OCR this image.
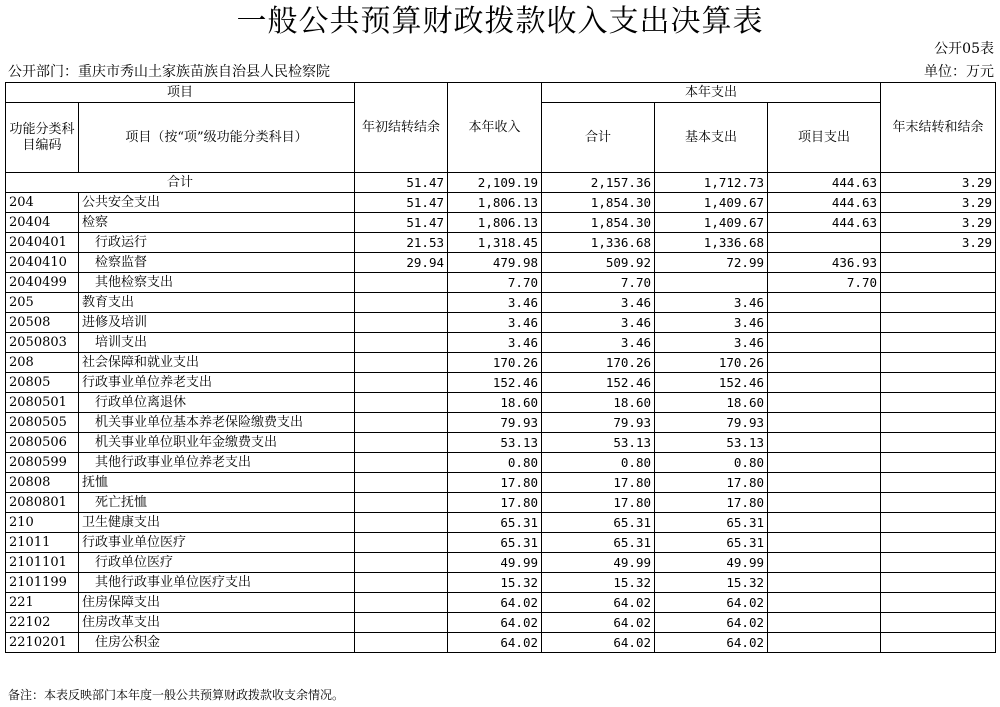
一般公共预算财政拨款收入支出决算表
公开05表
公开部门：重庆市秀山土家族苗族自治县人民检察院	单位：万元
项目		年初结转结余	本年收入	本年支出			年末结转和结余
功能分类科目编码	项目（按“项”级功能分类科目）			合计	基本支出	项目支出	
合计		51.47	2,109.19	2,157.36	1,712.73	444.63	3.29
204	公共安全支出	51.47	1,806.13	1,854.30	1,409.67	444.63	3.29
20404	检察	51.47	1,806.13	1,854.30	1,409.67	444.63	3.29
2040401	行政运行	21.53	1,318.45	1,336.68	1,336.68		3.29
2040410	检察监督	29.94	479.98	509.92	72.99	436.93	
2040499	其他检察支出		7.70	7.70		7.70	
205	教育支出		3.46	3.46	3.46		
20508	进修及培训		3.46	3.46	3.46		
2050803	培训支出		3.46	3.46	3.46		
208	社会保障和就业支出		170.26	170.26	170.26		
20805	行政事业单位养老支出		152.46	152.46	152.46		
2080501	行政单位离退休		18.60	18.60	18.60		
2080505	机关事业单位基本养老保险缴费支出		79.93	79.93	79.93		
2080506	机关事业单位职业年金缴费支出		53.13	53.13	53.13		
2080599	其他行政事业单位养老支出		0.80	0.80	0.80		
20808	抚恤		17.80	17.80	17.80		
2080801	死亡抚恤		17.80	17.80	17.80		
210	卫生健康支出		65.31	65.31	65.31		
21011	行政事业单位医疗		65.31	65.31	65.31		
2101101	行政单位医疗		49.99	49.99	49.99		
2101199	其他行政事业单位医疗支出		15.32	15.32	15.32		
221	住房保障支出		64.02	64.02	64.02		
22102	住房改革支出		64.02	64.02	64.02		
2210201	住房公积金		64.02	64.02	64.02		
备注：本表反映部门本年度一般公共预算财政拨款收支余情况。
